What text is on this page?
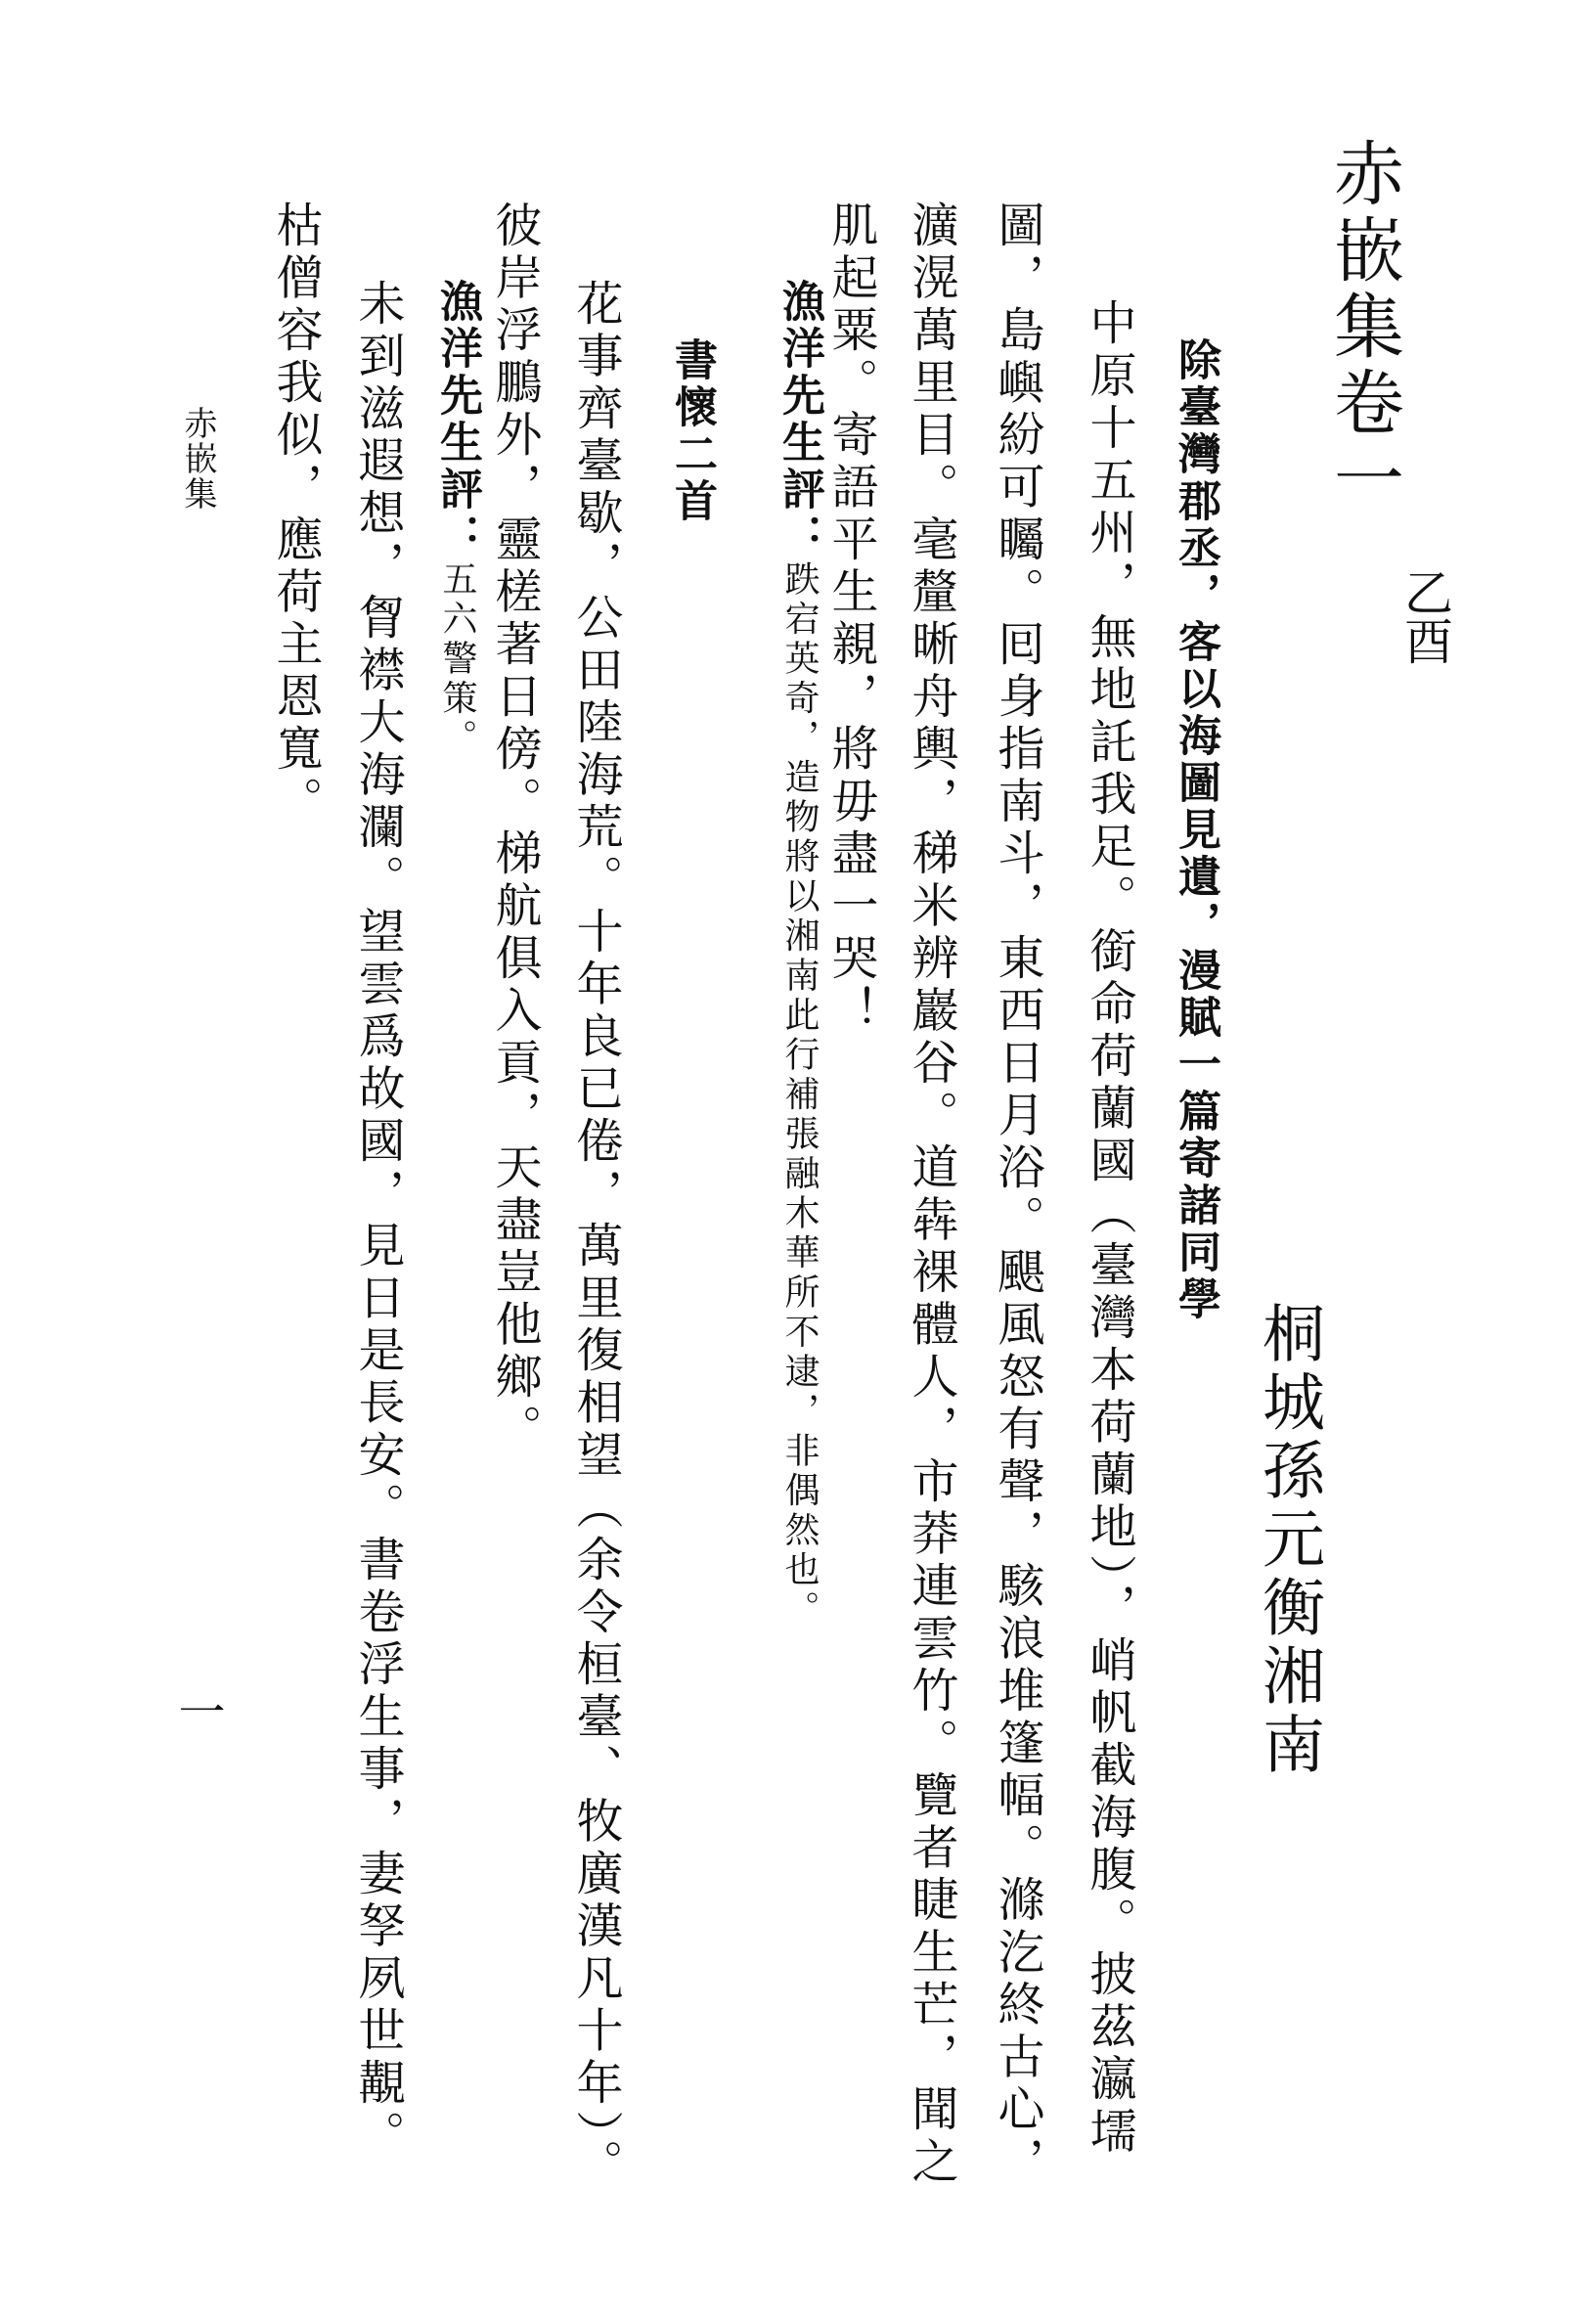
赤嵌集卷一
乙酉
桐城孫元衡湘南
除臺灣郡丞，客以海圖見遺，漫賦一篇寄諸同學
中原十五州，無地託我足。銜命荷蘭國（臺灣本荷蘭地），峭帆截海腹。披茲瀛壖
圖，島嶼紛可矚。囘身指南斗，東西日月浴。颶風怒有聲，駭浪堆篷幅。滌汔終古心，
瀇滉萬里目。毫釐晰舟輿，稊米辨巖谷。道犇裸體人，市莽連雲竹。覽者睫生芒，聞之
肌起粟。寄語平生親，將毋盡一哭！
漁洋先生評：跌宕英奇，造物將以湘南此行補張融木華所不逮，非偶然也。
書懷二首
花事齊臺歇，公田陸海荒。十年良已倦，萬里復相望（余令桓臺、牧廣漢凡十年）。
彼岸浮鵬外，靈槎著日傍。梯航俱入貢，天盡豈他鄉。
漁洋先生評：五六警策。
未到滋遐想，胷襟大海瀾。望雲爲故國，見日是長安。書卷浮生事，妻孥夙世覯。
枯僧容我似，應荷主恩寬。
赤嵌集
一
